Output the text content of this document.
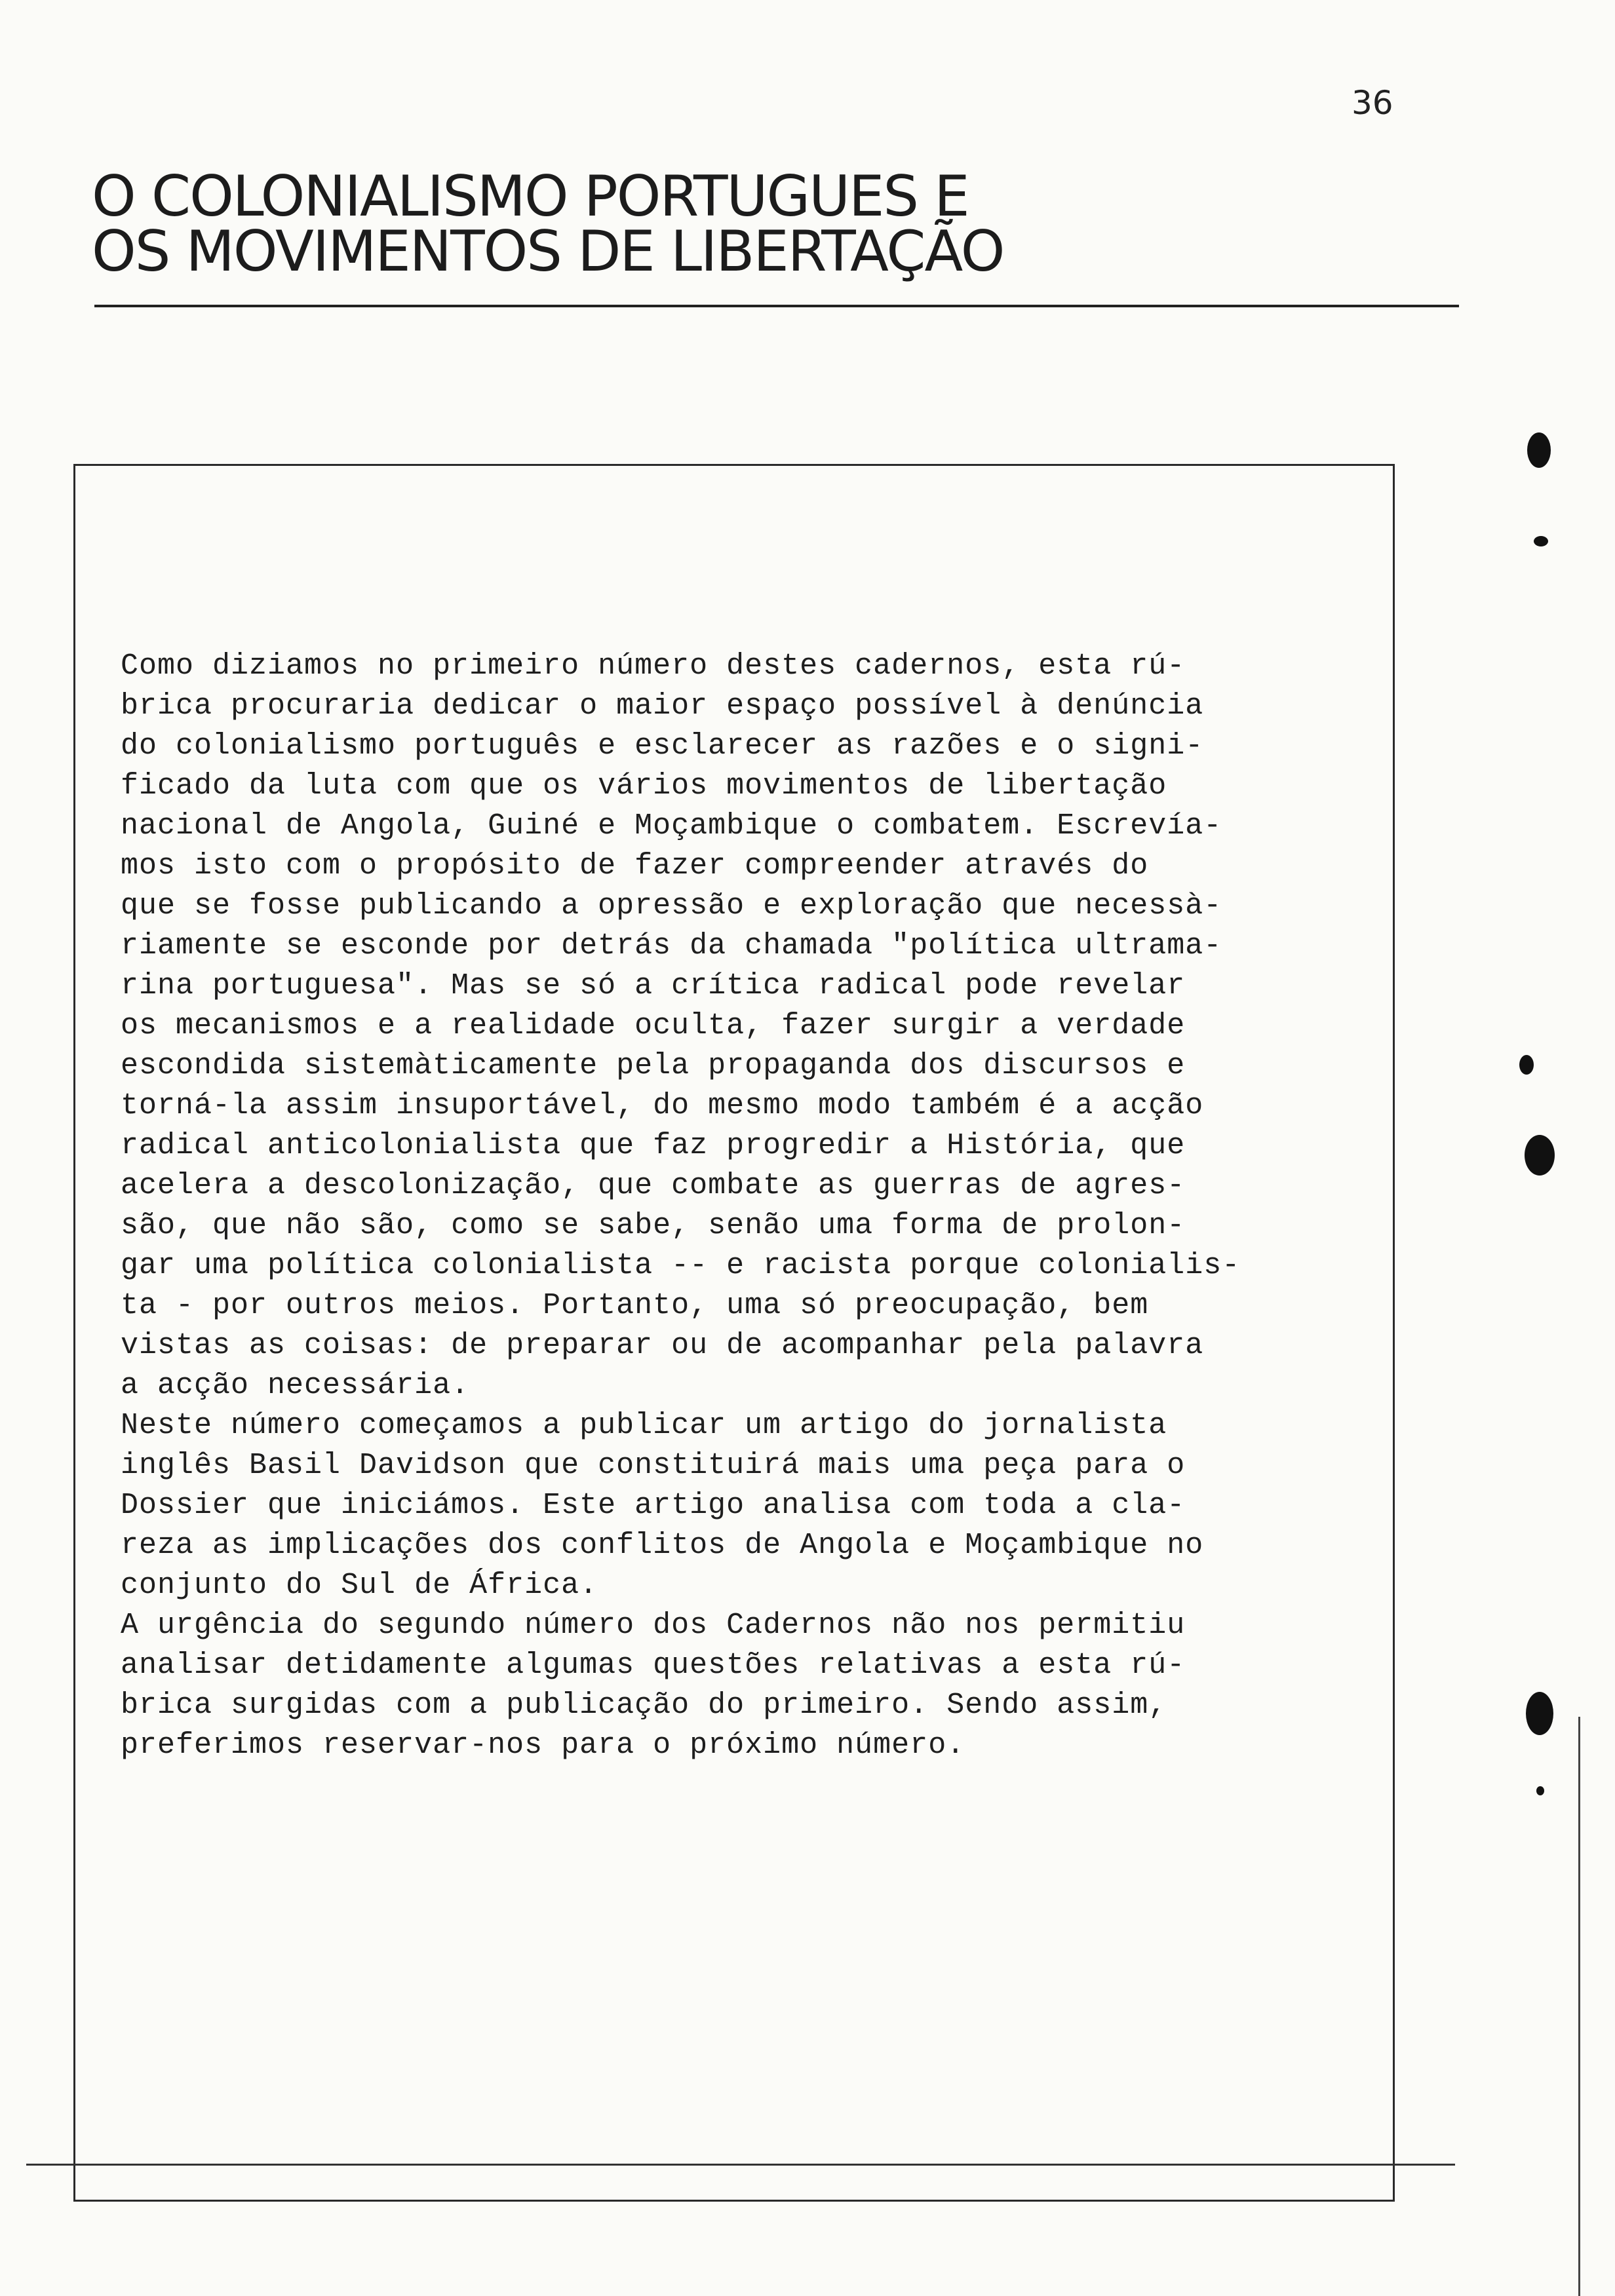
36
O COLONIALISMO PORTUGUES E
OS MOVIMENTOS DE LIBERTAÇÃO

Como diziamos no primeiro número destes cadernos, esta rú-
brica procuraria dedicar o maior espaço possível à denúncia
do colonialismo português e esclarecer as razões e o signi-
ficado da luta com que os vários movimentos de libertação
nacional de Angola, Guiné e Moçambique o combatem. Escrevía-
mos isto com o propósito de fazer compreender através do
que se fosse publicando a opressão e exploração que necessà-
riamente se esconde por detrás da chamada "política ultrama-
rina portuguesa". Mas se só a crítica radical pode revelar
os mecanismos e a realidade oculta, fazer surgir a verdade
escondida sistemàticamente pela propaganda dos discursos e
torná-la assim insuportável, do mesmo modo também é a acção
radical anticolonialista que faz progredir a História, que
acelera a descolonização, que combate as guerras de agres-
são, que não são, como se sabe, senão uma forma de prolon-
gar uma política colonialista -- e racista porque colonialis-
ta - por outros meios. Portanto, uma só preocupação, bem
vistas as coisas: de preparar ou de acompanhar pela palavra
a acção necessária.

Neste número começamos a publicar um artigo do jornalista
inglês Basil Davidson que constituirá mais uma peça para o
Dossier que iniciámos. Este artigo analisa com toda a cla-
reza as implicações dos conflitos de Angola e Moçambique no
conjunto do Sul de África.

A urgência do segundo número dos Cadernos não nos permitiu
analisar detidamente algumas questões relativas a esta rú-
brica surgidas com a publicação do primeiro. Sendo assim,
preferimos reservar-nos para o próximo número.
